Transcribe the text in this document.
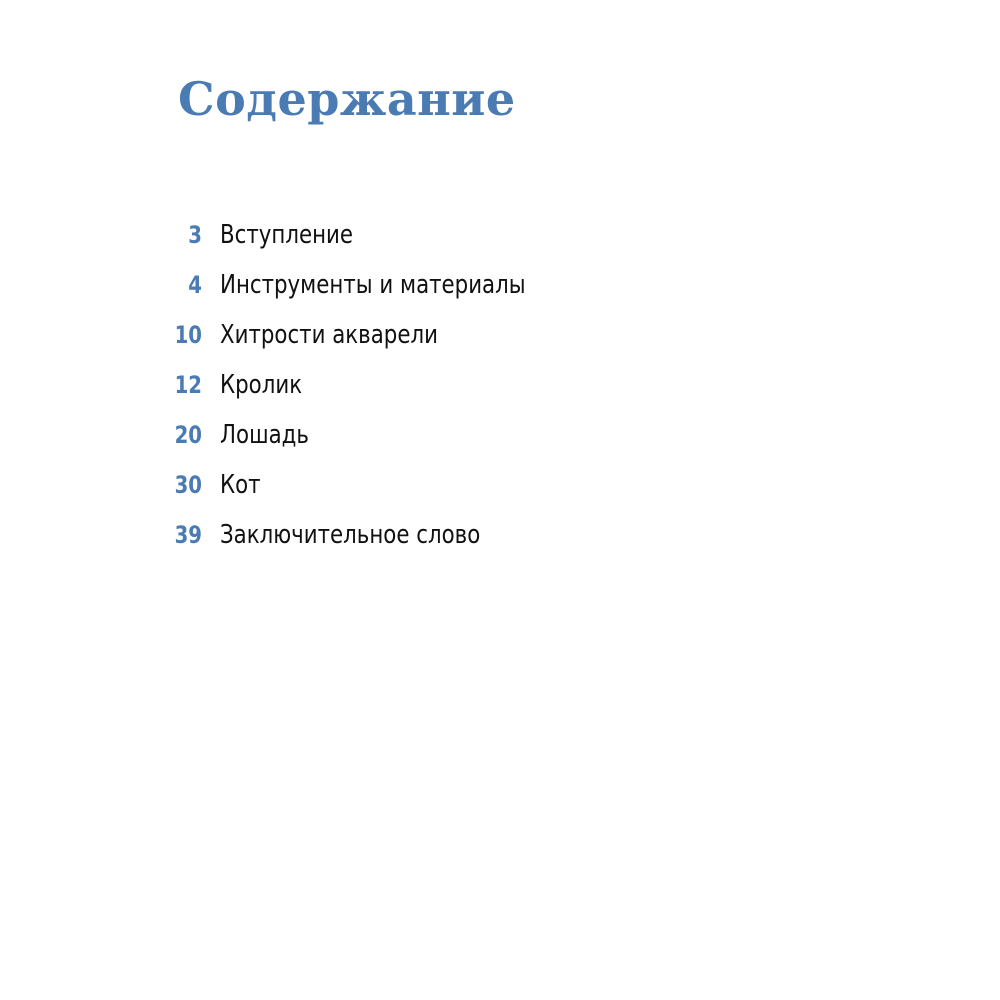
Содержание
3 Вступление
4 Инструменты и материалы
10 Хитрости акварели
12 Кролик
20 Лошадь
30 Кот
39 Заключительное слово
